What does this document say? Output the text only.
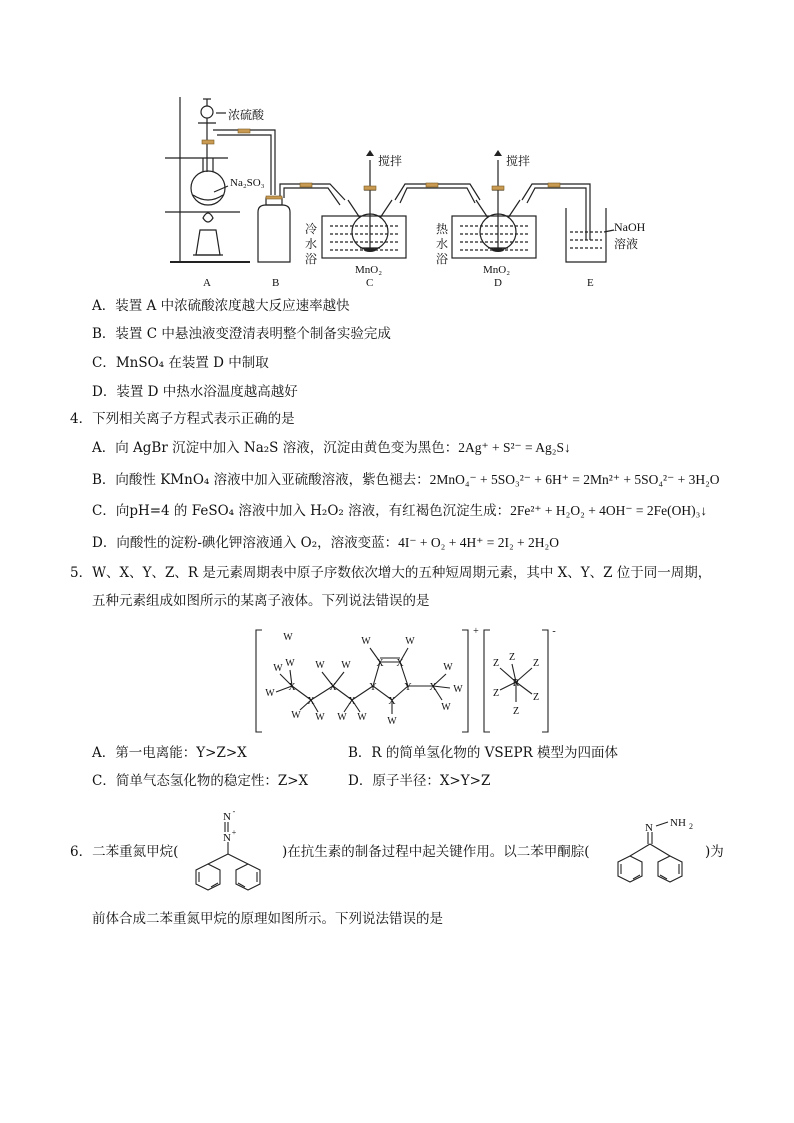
浓硫酸
Na₂SO₃
搅拌	搅拌
冷
水
浴
热
水
浴
MnO₂	MnO₂
NaOH
溶液
A	B	C	D	E
A．装置 A 中浓硫酸浓度越大反应速率越快
B．装置 C 中悬浊液变澄清表明整个制备实验完成
C．MnSO₄ 在装置 D 中制取
D．装置 D 中热水浴温度越高越好
4．下列相关离子方程式表示正确的是
A．向 AgBr 沉淀中加入 Na₂S 溶液，沉淀由黄色变为黑色：2Ag⁺ + S²⁻ = Ag₂S↓
B．向酸性 KMnO₄ 溶液中加入亚硫酸溶液，紫色褪去：2MnO₄⁻ + 5SO₃²⁻ + 6H⁺ = 2Mn²⁺ + 5SO₄²⁻ + 3H₂O
C．向pH=4 的 FeSO₄ 溶液中加入 H₂O₂ 溶液，有红褐色沉淀生成：2Fe²⁺ + H₂O₂ + 4OH⁻ = 2Fe(OH)₃↓
D．向酸性的淀粉-碘化钾溶液通入 O₂，溶液变蓝：4I⁻ + O₂ + 4H⁺ = 2I₂ + 2H₂O
5．W、X、Y、Z、R 是元素周期表中原子序数依次增大的五种短周期元素，其中 X、Y、Z 位于同一周期，
五种元素组成如图所示的某离子液体。下列说法错误的是
X
X
X
X
Y
X X
Y
X
X
W
W
W
W
W W
W W
W W
W	W
W
W
W
W
+
R
Z
Z
Z
Z	Z
Z
-
A．第一电离能：Y>Z>X	B．R 的简单氢化物的 VSEPR 模型为四面体
C．简单气态氢化物的稳定性：Z>X	D．原子半径：X>Y>Z
6．二苯重氮甲烷(
N -
N +
)在抗生素的制备过程中起关键作用。以二苯甲酮腙(
N NH 2
)为
前体合成二苯重氮甲烷的原理如图所示。下列说法错误的是
